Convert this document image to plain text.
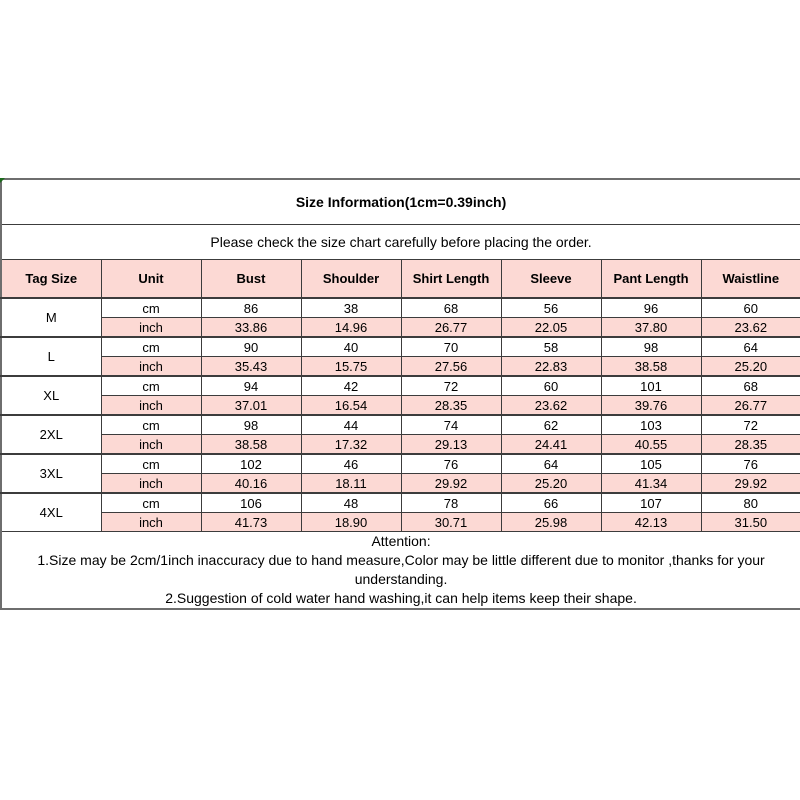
Size Information(1cm=0.39inch)							
Please check the size chart carefully before placing the order.							
Tag Size	Unit	Bust	Shoulder	Shirt Length	Sleeve	Pant Length	Waistline
M	cm	86	38	68	56	96	60
	inch	33.86	14.96	26.77	22.05	37.80	23.62
L	cm	90	40	70	58	98	64
	inch	35.43	15.75	27.56	22.83	38.58	25.20
XL	cm	94	42	72	60	101	68
	inch	37.01	16.54	28.35	23.62	39.76	26.77
2XL	cm	98	44	74	62	103	72
	inch	38.58	17.32	29.13	24.41	40.55	28.35
3XL	cm	102	46	76	64	105	76
	inch	40.16	18.11	29.92	25.20	41.34	29.92
4XL	cm	106	48	78	66	107	80
	inch	41.73	18.90	30.71	25.98	42.13	31.50

Attention:
1.Size may be 2cm/1inch inaccuracy due to hand measure,Color may be little different due to monitor ,thanks for your understanding.
2.Suggestion of cold water hand washing,it can help items keep their shape.							
